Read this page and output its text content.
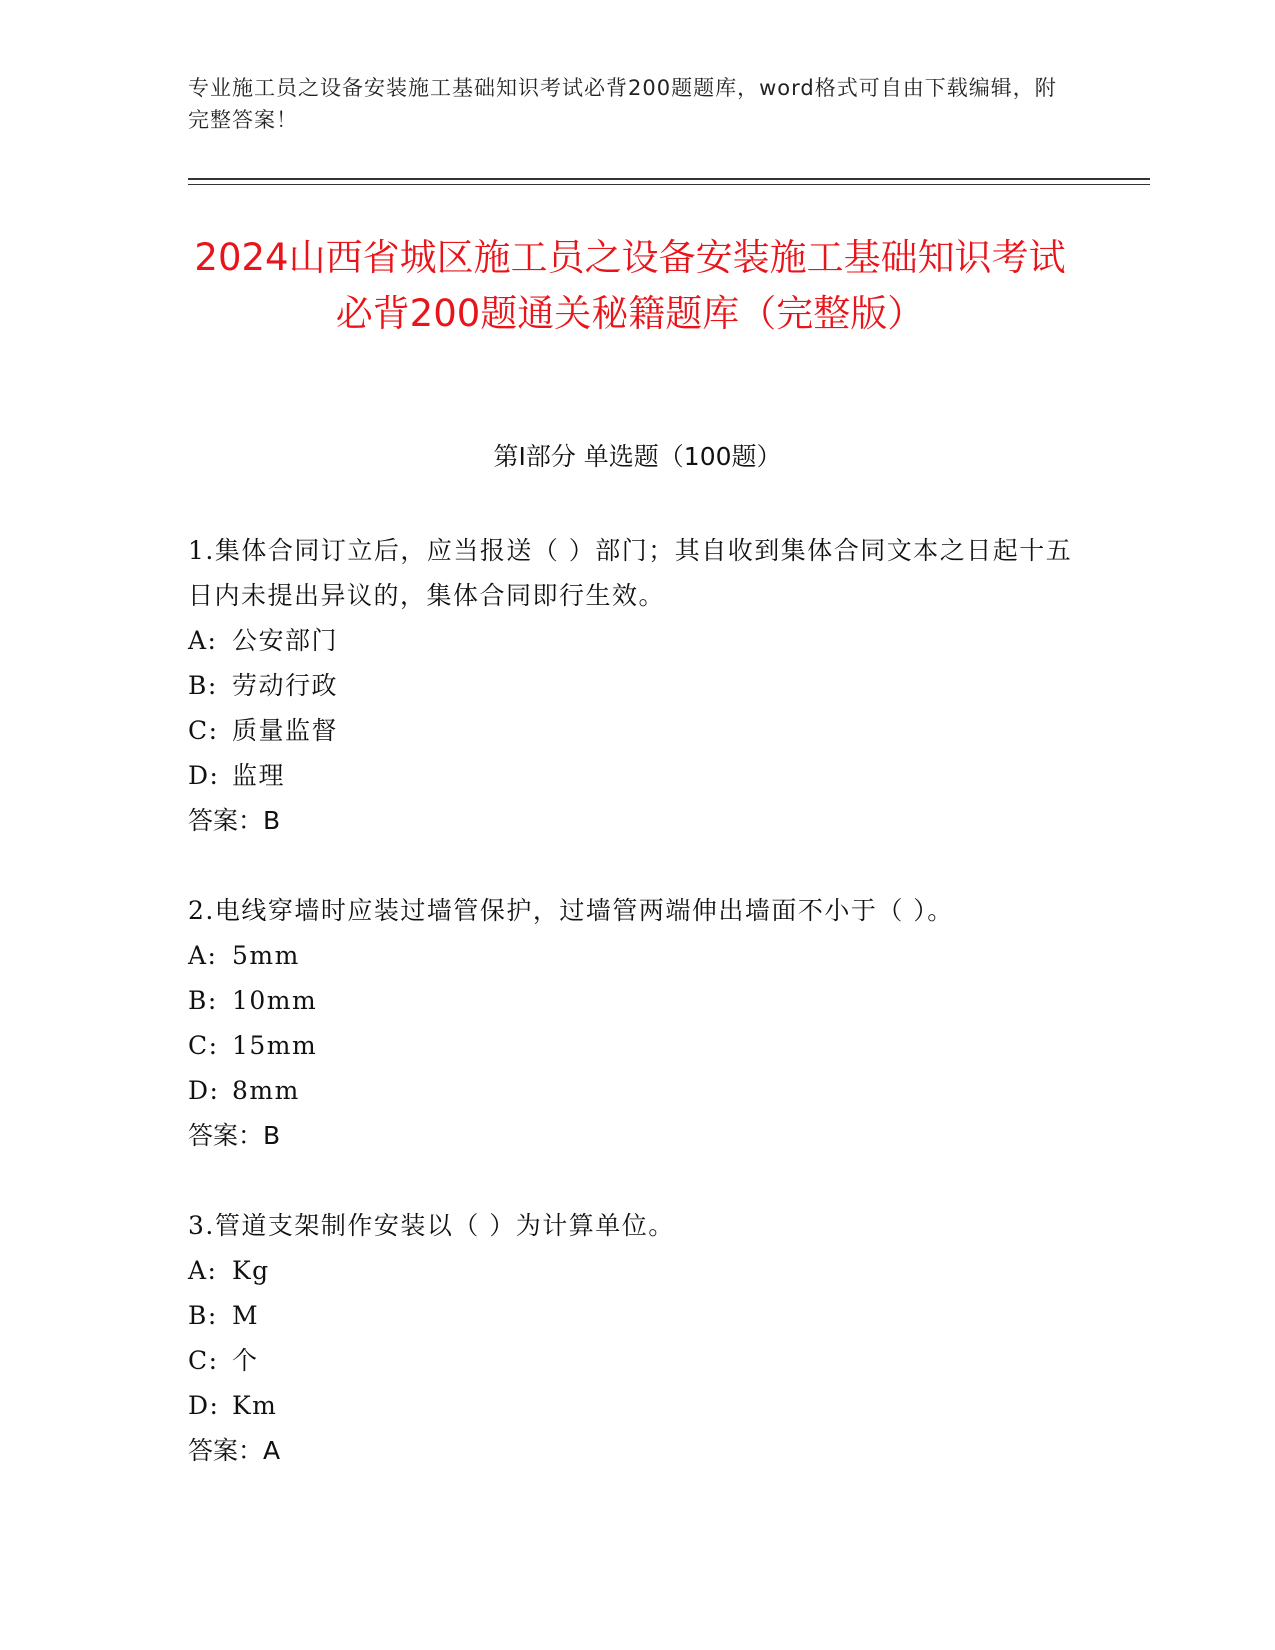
专业施工员之设备安装施工基础知识考试必背200题题库，word格式可自由下载编辑，附完整答案！
2024山西省城区施工员之设备安装施工基础知识考试必背200题通关秘籍题库（完整版）
第I部分 单选题（100题）
1.集体合同订立后，应当报送（ ）部门；其自收到集体合同文本之日起十五日内未提出异议的，集体合同即行生效。
A: 公安部门
B: 劳动行政
C: 质量监督
D: 监理
答案：B
2.电线穿墙时应装过墙管保护，过墙管两端伸出墙面不小于（ ）。
A: 5mm
B: 10mm
C: 15mm
D: 8mm
答案：B
3.管道支架制作安装以（ ）为计算单位。
A: Kg
B: M
C: 个
D: Km
答案：A
